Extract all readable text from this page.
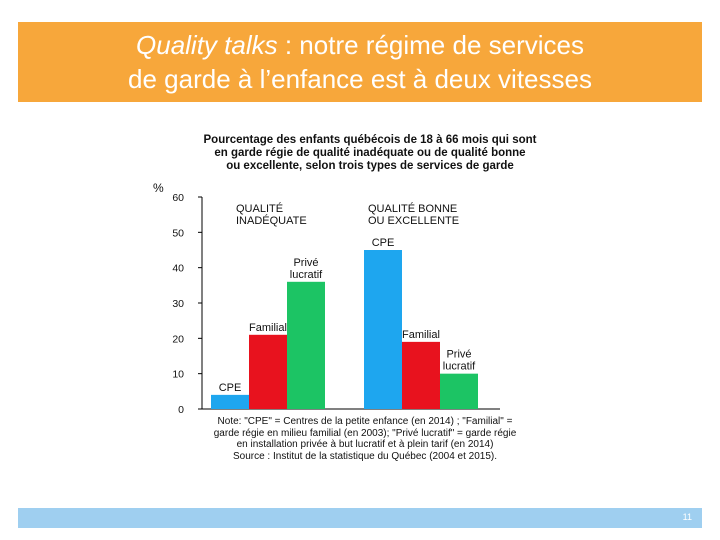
Quality talks : notre régime de services
de garde à l’enfance est à deux vitesses
Pourcentage des enfants québécois de 18 à 66 mois qui sont
en garde régie de qualité inadéquate ou de qualité bonne
ou excellente, selon trois types de services de garde
0
10
20
30
40
50
60
%
QUALITÉ
INADÉQUATE
CPE
Familial
Privé
lucratif
QUALITÉ BONNE
OU EXCELLENTE
CPE
Familial
Privé
lucratif
Note: "CPE" = Centres de la petite enfance (en 2014) ; "Familial" =
garde régie en milieu familial (en 2003); "Privé lucratif" = garde régie
en installation privée à but lucratif et à plein tarif (en 2014)
Source : Institut de la statistique du Québec (2004 et 2015).
11
